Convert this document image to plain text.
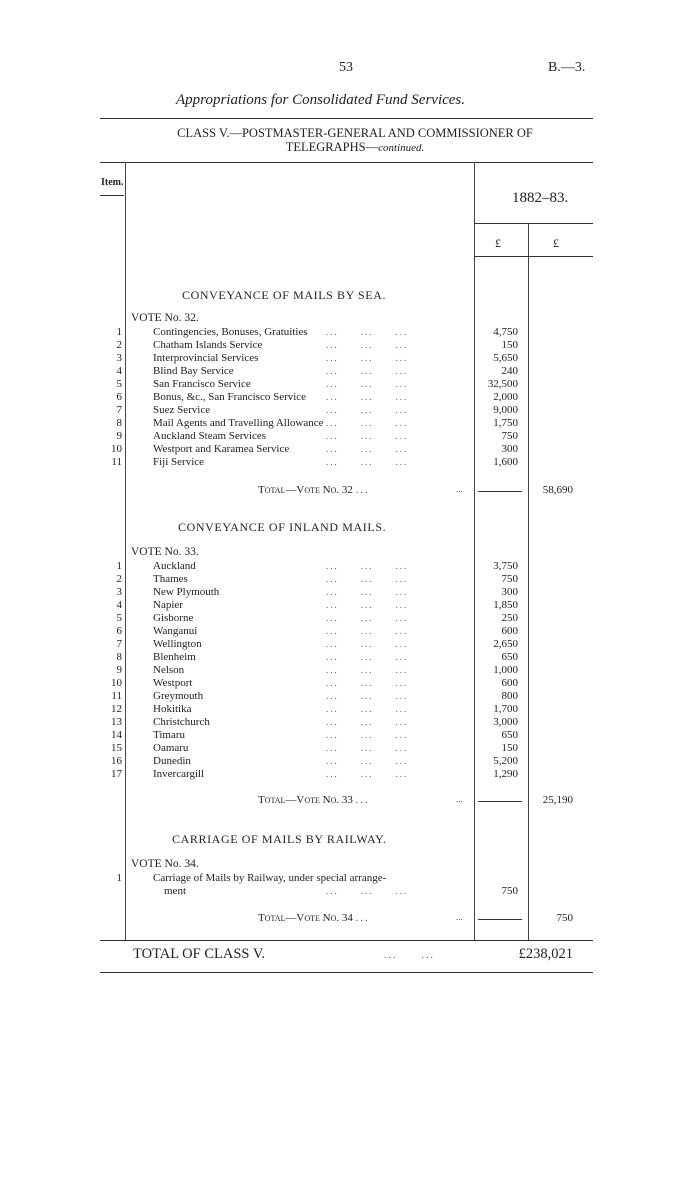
53	B.—3.
Appropriations for Consolidated Fund Services.
CLASS V.—POSTMASTER-GENERAL AND COMMISSIONER OF
TELEGRAPHS—continued.
Item.
1882–83.
£	£
CONVEYANCE OF MAILS BY SEA.
VOTE No. 32.
1	Contingencies, Bonuses, Gratuities ...  ...  ...	4,750
2	Chatham Islands Service	...  ...  ...	150
3	Interprovincial Services	...  ...  ...	5,650
4	Blind Bay Service	...  ...  ...	240
5	San Francisco Service	...  ...  ...	32,500
6	Bonus, &c., San Francisco Service ...  ...  ...	2,000
7	Suez Service	...  ...  ...	9,000
8	Mail Agents and Travelling Allowance ...  ...  ...	1,750
9	Auckland Steam Services	...  ...  ...	750
10	Westport and Karamea Service	...  ...  ...	300
11	Fiji Service	...  ...  ...	1,600
Total—Vote No. 32 ...	...	58,690
CONVEYANCE OF INLAND MAILS.
VOTE No. 33.
1	Auckland	...  ...  ...	3,750
2	Thames	...  ...  ...	750
3	New Plymouth	...  ...  ...	300
4	Napier	...  ...  ...	1,850
5	Gisborne	...  ...  ...	250
6	Wanganui	...  ...  ...	600
7	Wellington	...  ...  ...	2,650
8	Blenheim	...  ...  ...	650
9	Nelson	...  ...  ...	1,000
10	Westport	...  ...  ...	600
11	Greymouth	...  ...  ...	800
12	Hokitika	...  ...  ...	1,700
13	Christchurch	...  ...  ...	3,000
14	Timaru	...  ...  ...	650
15	Oamaru	...  ...  ...	150
16	Dunedin	...  ...  ...	5,200
17	Invercargill	...  ...  ...	1,290
Total—Vote No. 33 ...	...	25,190
CARRIAGE OF MAILS BY RAILWAY.
VOTE No. 34.
1	Carriage of Mails by Railway, under special arrange-
ment	...  ...  ...	750
Total—Vote No. 34 ...	...	750
TOTAL OF CLASS V.	...  ...	£238,021
